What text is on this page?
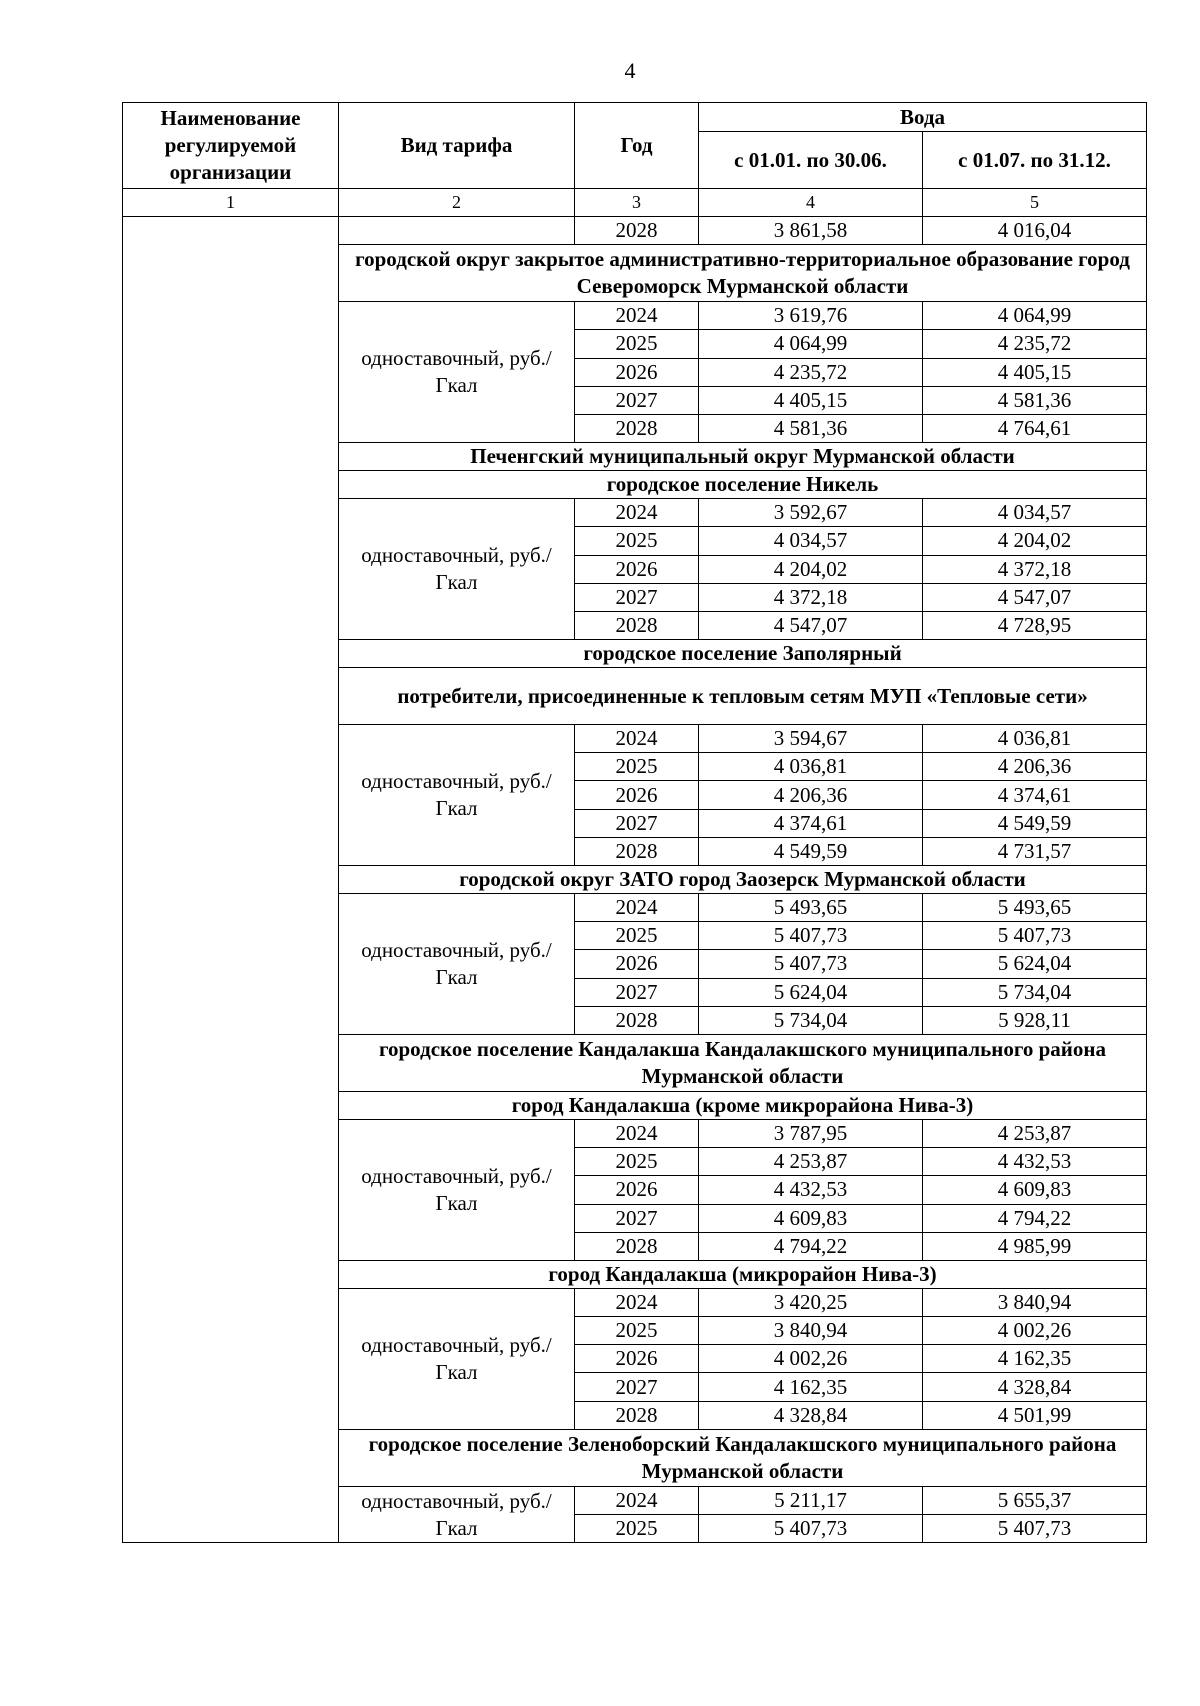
4
Наименование регулируемой организации	Вид тарифа	Год	Вода	
			с 01.01. по 30.06.	с 01.07. по 31.12.
1	2	3	4	5
		2028	3 861,58	4 016,04
	городской округ закрытое административно-территориальное образование город Североморск Мурманской области			
	одноставочный, руб./Гкал	2024	3 619,76	4 064,99
		2025	4 064,99	4 235,72
		2026	4 235,72	4 405,15
		2027	4 405,15	4 581,36
		2028	4 581,36	4 764,61
	Печенгский муниципальный округ Мурманской области			
	городское поселение Никель			
	одноставочный, руб./Гкал	2024	3 592,67	4 034,57
		2025	4 034,57	4 204,02
		2026	4 204,02	4 372,18
		2027	4 372,18	4 547,07
		2028	4 547,07	4 728,95
	городское поселение Заполярный			
	потребители, присоединенные к тепловым сетям МУП «Тепловые сети»			
	одноставочный, руб./Гкал	2024	3 594,67	4 036,81
		2025	4 036,81	4 206,36
		2026	4 206,36	4 374,61
		2027	4 374,61	4 549,59
		2028	4 549,59	4 731,57
	городской округ ЗАТО город Заозерск Мурманской области			
	одноставочный, руб./Гкал	2024	5 493,65	5 493,65
		2025	5 407,73	5 407,73
		2026	5 407,73	5 624,04
		2027	5 624,04	5 734,04
		2028	5 734,04	5 928,11
	городское поселение Кандалакша Кандалакшского муниципального района Мурманской области			
	город Кандалакша (кроме микрорайона Нива-3)			
	одноставочный, руб./Гкал	2024	3 787,95	4 253,87
		2025	4 253,87	4 432,53
		2026	4 432,53	4 609,83
		2027	4 609,83	4 794,22
		2028	4 794,22	4 985,99
	город Кандалакша (микрорайон Нива-3)			
	одноставочный, руб./Гкал	2024	3 420,25	3 840,94
		2025	3 840,94	4 002,26
		2026	4 002,26	4 162,35
		2027	4 162,35	4 328,84
		2028	4 328,84	4 501,99
	городское поселение Зеленоборский Кандалакшского муниципального района Мурманской области			
	одноставочный, руб./Гкал	2024	5 211,17	5 655,37
		2025	5 407,73	5 407,73
